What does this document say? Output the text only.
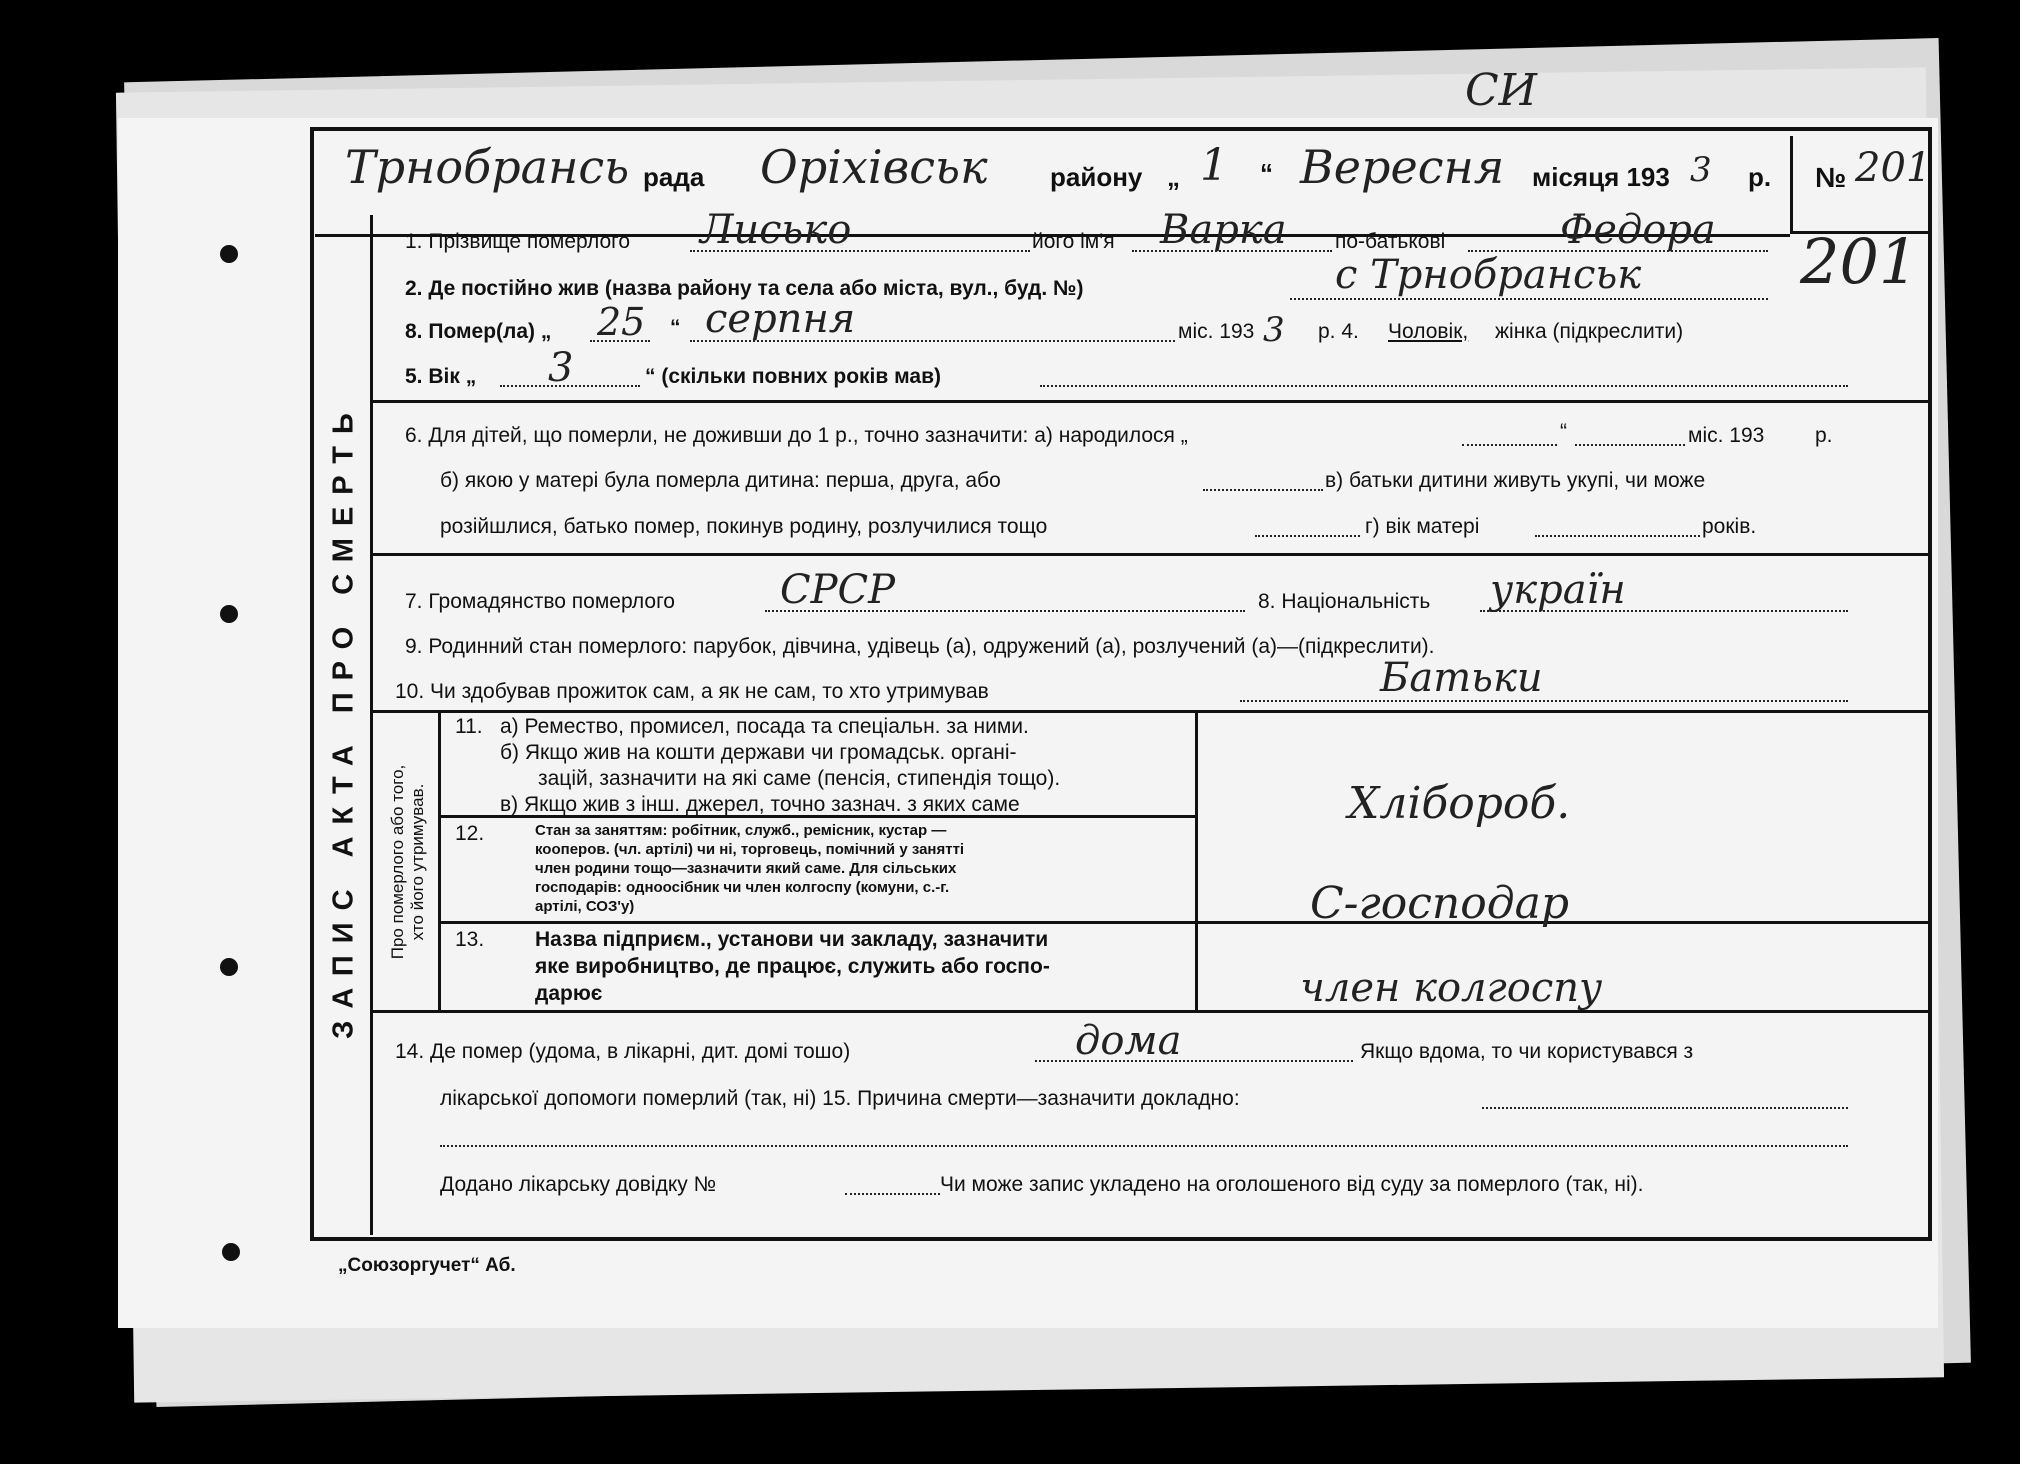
СИ
Трнобрансь рада Оріхівськ району „ 1 “ Вересня місяця 193 3 р. № 201
201
ЗАПИС АКТА ПРО СМЕРТЬ
1. Прізвище померлого Лисько	його ім'я Варка по-батькові	Федора
2. Де постійно жив (назва району та села або міста, вул., буд. №)	с Трнобранськ
8. Помер(ла) „ 25 “ серпня	міс. 193 3 р. 4. Чоловік, жінка (підкреслити)
5. Вік „ 3	“ (скільки повних років мав)
6. Для дітей, що померли, не доживши до 1 р., точно зазначити: а) народилося „	“	міс. 193 р.
б) якою у матері була померла дитина: перша, друга, або	в) батьки дитини живуть укупі, чи може
розійшлися, батько помер, покинув родину, розлучилися тощо	г) вік матері	років.
7. Громадянство померлого	СРСР	8. Національність україн
9. Родинний стан померлого: парубок, дівчина, удівець (а), одружений (а), розлучений (а)—(підкреслити).
10. Чи здобував прожиток сам, а як не сам, то хто утримував	Батьки
Про померлого або того, хто його утримував.
11. а) Ремество, промисел, посада та спеціальн. за ними.
б) Якщо жив на кошти держави чи громадськ. органі-
зацій, зазначити на які саме (пенсія, стипендія тощо).
в) Якщо жив з інш. джерел, точно зазнач. з яких саме	Хлібороб.
12.	Стан за заняттям: робітник, служб., ремісник, кустар —
кооперов. (чл. артілі) чи ні, торговець, помічний у занятті
член родини тощо—зазначити який саме. Для сільських
господарів: одноосібник чи член колгоспу (комуни, с.-г.
артілі, СОЗ'у)	С-господар
13. Назва підприєм., установи чи закладу, зазначити
яке виробництво, де працює, служить або госпо-
дарює	член колгоспу
14. Де помер (удома, в лікарні, дит. домі тошо)	дома	Якщо вдома, то чи користувався з
лікарської допомоги померлий (так, ні) 15. Причина смерти—зазначити докладно:
Додано лікарську довідку №	Чи може запис укладено на оголошеного від суду за померлого (так, ні).
„Союзоргучет“ Аб.
